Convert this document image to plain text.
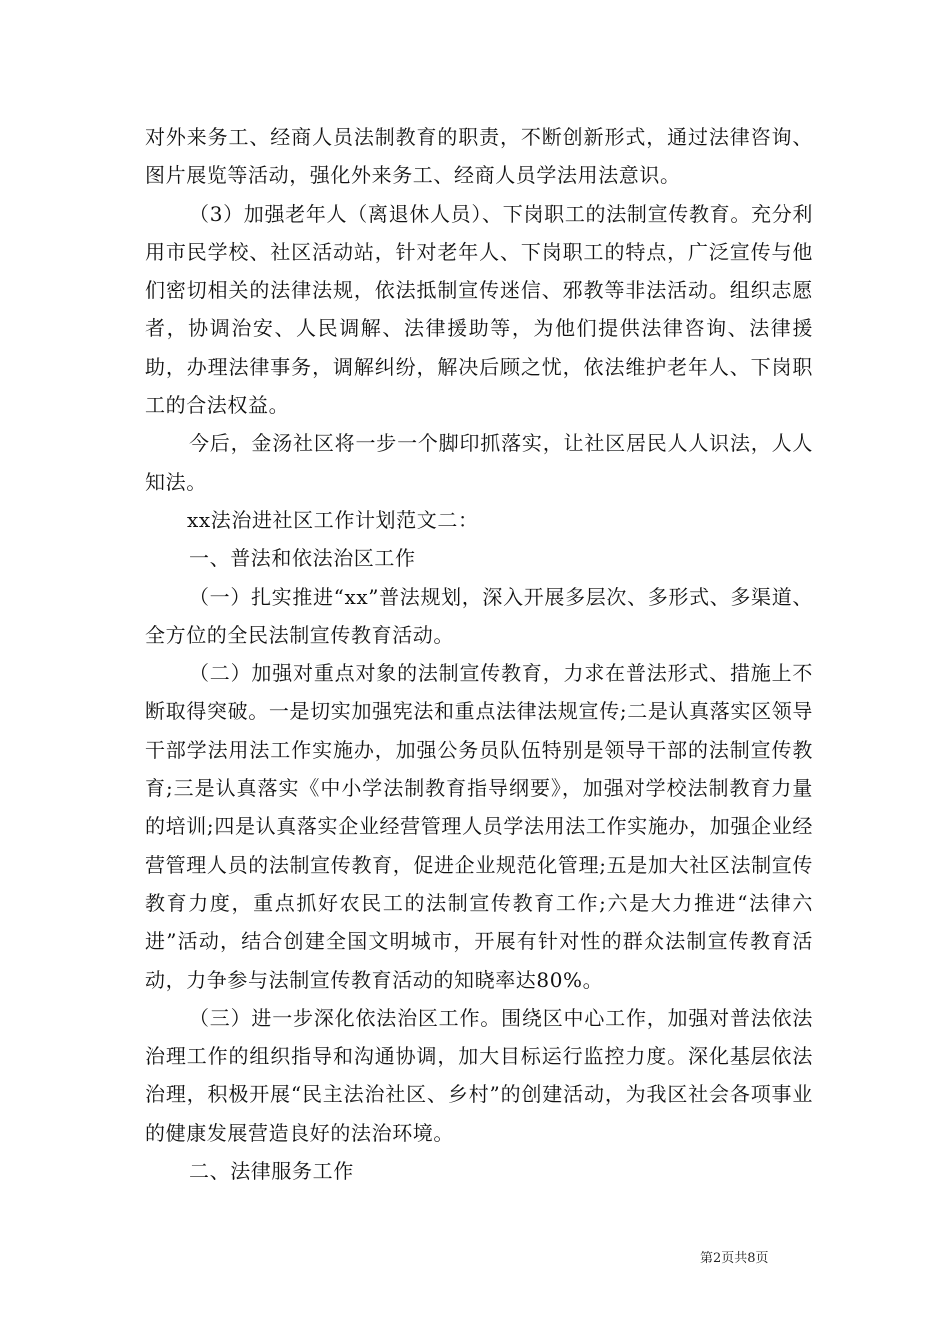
对外来务工、经商人员法制教育的职责，不断创新形式，通过法律咨询、图片展览等活动，强化外来务工、经商人员学法用法意识。

（3）加强老年人（离退休人员）、下岗职工的法制宣传教育。充分利用市民学校、社区活动站，针对老年人、下岗职工的特点，广泛宣传与他们密切相关的法律法规，依法抵制宣传迷信、邪教等非法活动。组织志愿者，协调治安、人民调解、法律援助等，为他们提供法律咨询、法律援助，办理法律事务，调解纠纷，解决后顾之忧，依法维护老年人、下岗职工的合法权益。

今后，金汤社区将一步一个脚印抓落实，让社区居民人人识法，人人知法。

xx法治进社区工作计划范文二：

一、普法和依法治区工作

（一）扎实推进“xx”普法规划，深入开展多层次、多形式、多渠道、全方位的全民法制宣传教育活动。

（二）加强对重点对象的法制宣传教育，力求在普法形式、措施上不断取得突破。一是切实加强宪法和重点法律法规宣传;二是认真落实区领导干部学法用法工作实施办，加强公务员队伍特别是领导干部的法制宣传教育;三是认真落实《中小学法制教育指导纲要》，加强对学校法制教育力量的培训;四是认真落实企业经营管理人员学法用法工作实施办，加强企业经营管理人员的法制宣传教育，促进企业规范化管理;五是加大社区法制宣传教育力度，重点抓好农民工的法制宣传教育工作;六是大力推进“法律六进”活动，结合创建全国文明城市，开展有针对性的群众法制宣传教育活动，力争参与法制宣传教育活动的知晓率达80%。

（三）进一步深化依法治区工作。围绕区中心工作，加强对普法依法治理工作的组织指导和沟通协调，加大目标运行监控力度。深化基层依法治理，积极开展“民主法治社区、乡村”的创建活动，为我区社会各项事业的健康发展营造良好的法治环境。

二、法律服务工作

第2页共8页
